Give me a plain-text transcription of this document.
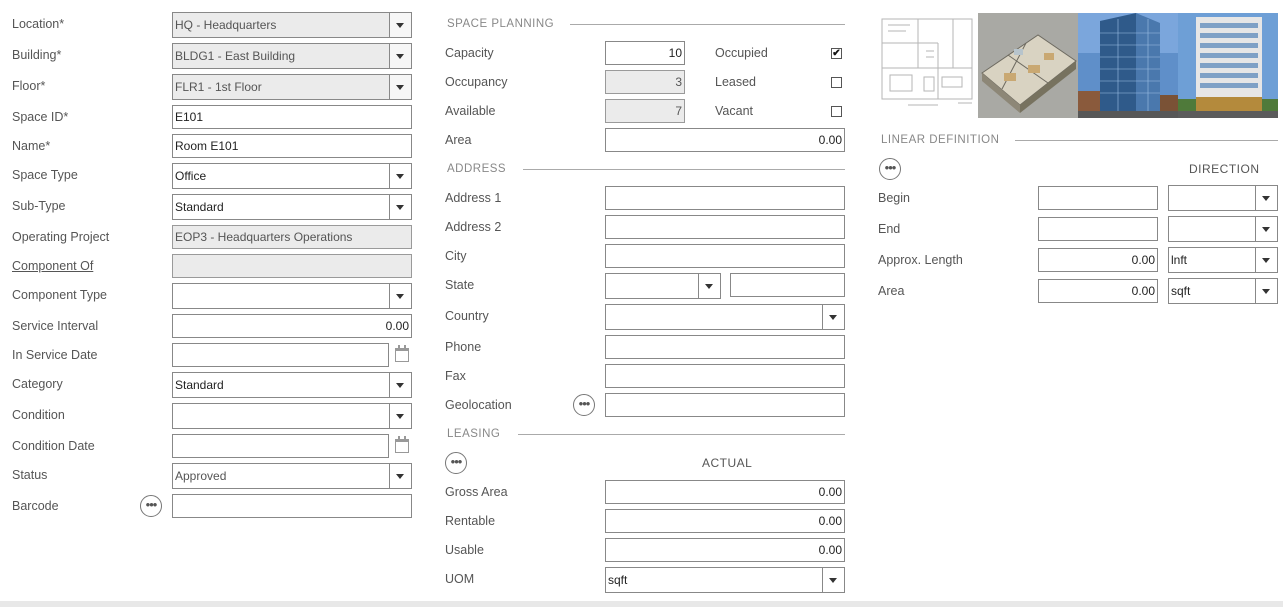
Location*	HQ - Headquarters
Building*	BLDG1 - East Building
Floor*	FLR1 - 1st Floor
Space ID*	E101
Name*	Room E101
Space Type	Office
Sub-Type	Standard
Operating Project	EOP3 - Headquarters Operations
Component Of
Component Type
Service Interval	0.00
In Service Date
Category	Standard
Condition
Condition Date
Status	Approved
Barcode	•••
SPACE PLANNING
Capacity	10	Occupied	✔
Occupancy	3	Leased
Available	7	Vacant
Area	0.00
ADDRESS
Address 1
Address 2
City
State
Country
Phone
Fax
Geolocation	•••
LEASING
•••	ACTUAL
Gross Area	0.00
Rentable	0.00
Usable	0.00
UOM	sqft
LINEAR DEFINITION
•••	DIRECTION
Begin
End
Approx. Length	0.00 lnft
Area	0.00 sqft
